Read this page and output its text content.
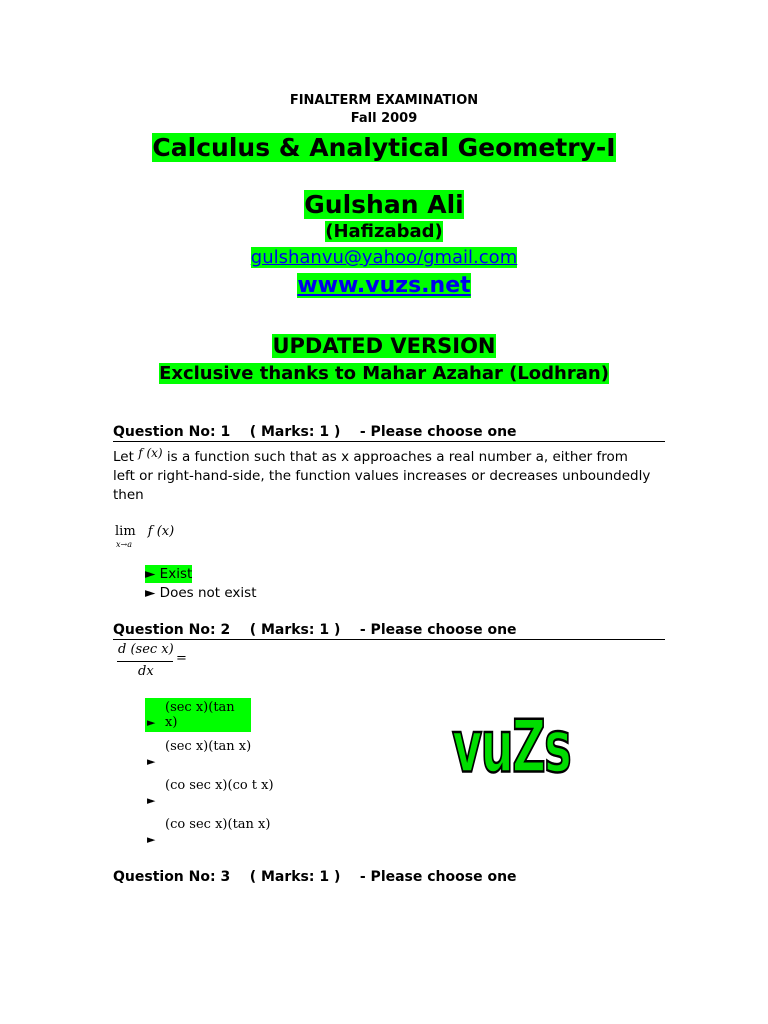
FINALTERM EXAMINATION
Fall 2009
Calculus & Analytical Geometry-I
Gulshan Ali
(Hafizabad)
gulshanvu@yahoo/gmail.com
www.vuzs.net
UPDATED VERSION
Exclusive thanks to Mahar Azahar (Lodhran)
Question No: 1    ( Marks: 1 )    - Please choose one
Let f (x) is a function such that as x approaches a real number a, either from left or right-hand-side, the function values increases or decreases unboundedly then
lim f (x)
x→a
► Exist
► Does not exist
Question No: 2    ( Marks: 1 )    - Please choose one
d (sec x)
=
dx
(sec x)(tan x)
►
(sec x)(tan x)
►
(co sec x)(co t x)
►
(co sec x)(tan x)
►
vuZs
Question No: 3    ( Marks: 1 )    - Please choose one
